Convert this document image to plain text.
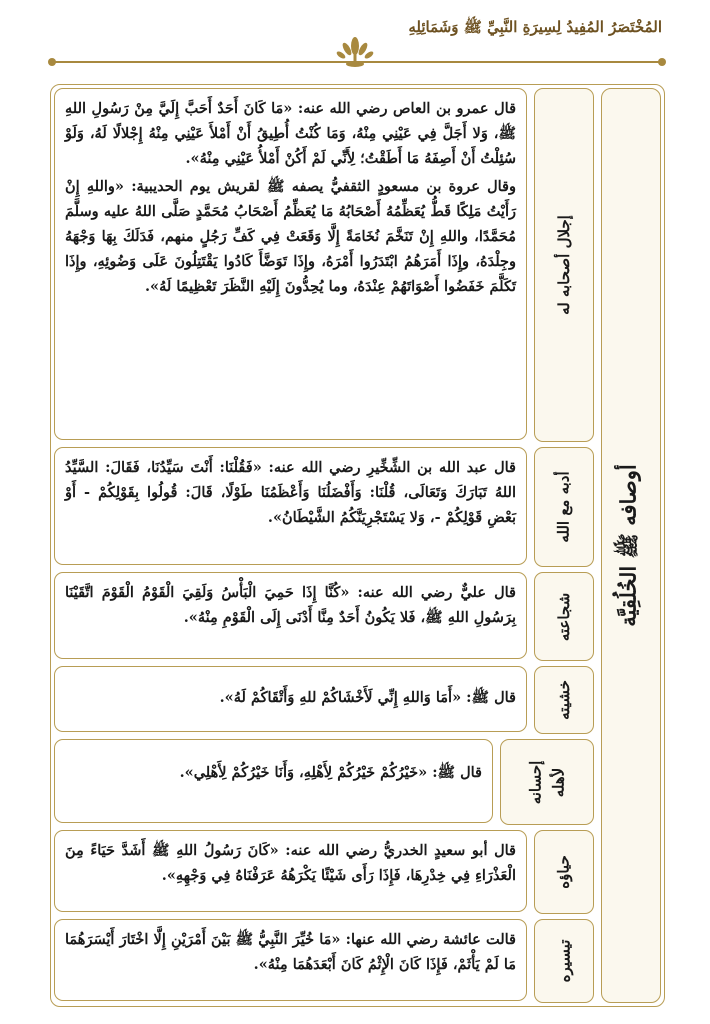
المُخْتَصَرُ المُفِيدُ لِسِيرَةِ النَّبِيِّ ﷺ وَشَمَائِلِهِ
أوصافه ﷺ الخُلُقِيَّة
إجلال أصحابه له

قال عمرو بن العاص رضي الله عنه: «مَا كَانَ أَحَدٌ أَحَبَّ إِلَيَّ مِنْ رَسُولِ اللهِ ﷺ، وَلا أَجَلَّ فِي عَيْنِي مِنْهُ، وَمَا كُنْتُ أُطِيقُ أَنْ أَمْلأَ عَيْنِي مِنْهُ إِجْلالًا لَهُ، وَلَوْ سُئِلْتُ أَنْ أَصِفَهُ مَا أَطَقْتُ؛ لِأَنِّي لَمْ أَكُنْ أَمْلأُ عَيْنِي مِنْهُ».

وقال عروة بن مسعودٍ الثقفيُّ يصفه ﷺ لقريش يوم الحديبية: «واللهِ إِنْ رَأَيْتُ مَلِكًا قَطُّ يُعَظِّمُهُ أَصْحَابُهُ مَا يُعَظِّمُ أَصْحَابُ مُحَمَّدٍ صَلَّى اللهُ عليه وسلَّمَ مُحَمَّدًا، واللهِ إِنْ تَنَخَّمَ نُخَامَةً إِلَّا وَقَعَتْ فِي كَفِّ رَجُلٍ منهم، فَدَلَكَ بِهَا وَجْهَهُ وجِلْدَهُ، وإِذَا أَمَرَهُمُ ابْتَدَرُوا أَمْرَهُ، وإِذَا تَوَضَّأَ كَادُوا يَقْتَتِلُونَ عَلَى وَضُوئِهِ، وإِذَا تَكَلَّمَ خَفَضُوا أَصْوَاتَهُمْ عِنْدَهُ، وما يُحِدُّونَ إِلَيْهِ النَّظَرَ تَعْظِيمًا لَهُ».

أدبه مع الله

قال عبد الله بن الشِّخِّيرِ رضي الله عنه: «فَقُلْنَا: أَنْتَ سَيِّدُنَا، فَقَالَ: السَّيِّدُ اللهُ تَبَارَكَ وَتَعَالَى، قُلْنَا: وَأَفْضَلُنَا وَأَعْظَمُنَا طَوْلًا، قَالَ: قُولُوا بِقَوْلِكُمْ - أَوْ بَعْضِ قَوْلِكُمْ -، وَلا يَسْتَجْرِيَنَّكُمُ الشَّيْطَانُ».

شجاعته

قال عليٌّ رضي الله عنه: «كُنَّا إِذَا حَمِيَ الْبَأْسُ وَلَقِيَ الْقَوْمُ الْقَوْمَ اتَّقَيْنَا بِرَسُولِ اللهِ ﷺ، فَلا يَكُونُ أَحَدٌ مِنَّا أَدْنَى إِلَى الْقَوْمِ مِنْهُ».

خشيته

قال ﷺ: «أَمَا وَاللهِ إِنِّي لَأَخْشَاكُمْ للهِ وَأَتْقَاكُمْ لَهُ».

إحسانه لأهله

قال ﷺ: «خَيْرُكُمْ خَيْرُكُمْ لِأَهْلِهِ، وَأَنَا خَيْرُكُمْ لِأَهْلِي».

حياؤه

قال أبو سعيدٍ الخدريُّ رضي الله عنه: «كَانَ رَسُولُ اللهِ ﷺ أَشَدَّ حَيَاءً مِنَ الْعَذْرَاءِ فِي خِدْرِهَا، فَإِذَا رَأَى شَيْئًا يَكْرَهُهُ عَرَفْنَاهُ فِي وَجْهِهِ».

تيسيره

قالت عائشة رضي الله عنها: «مَا خُيِّرَ النَّبِيُّ ﷺ بَيْنَ أَمْرَيْنِ إِلَّا اخْتَارَ أَيْسَرَهُمَا مَا لَمْ يَأْثَمْ، فَإِذَا كَانَ الْإِثْمُ كَانَ أَبْعَدَهُمَا مِنْهُ».
